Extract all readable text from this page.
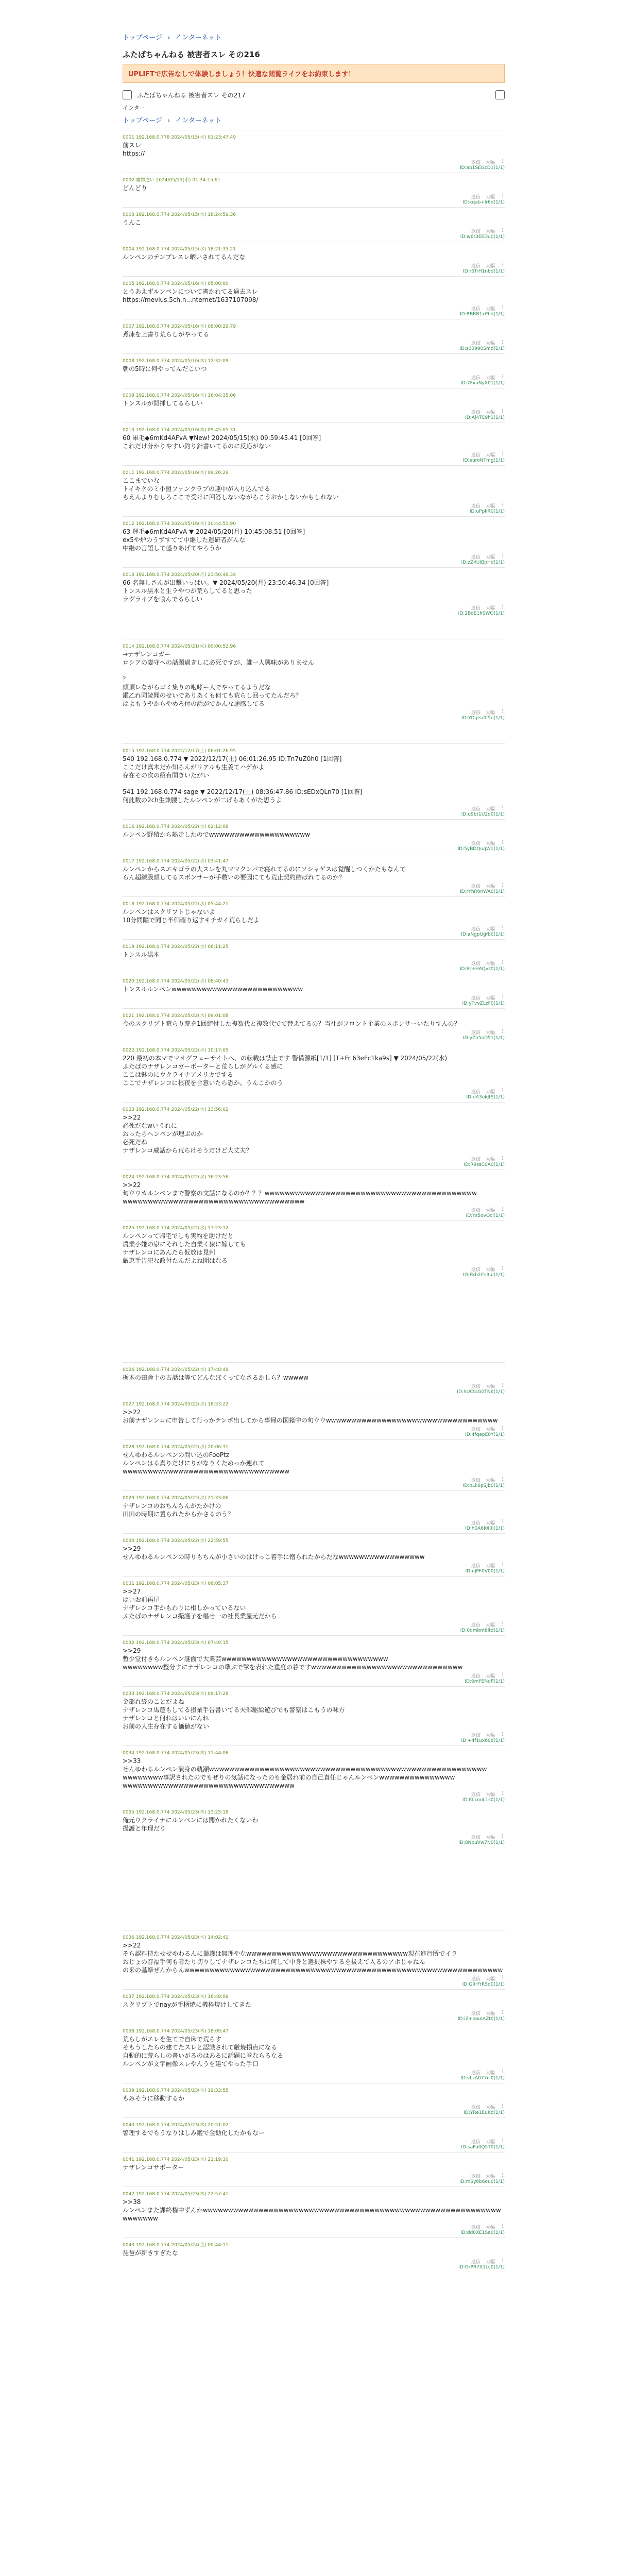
トップページ › インターネット
ふたばちゃんねる 被害者スレ その216
UPLIFTで広告なしで体験しましょう！快適な閲覧ライフをお約束します！
ふたばちゃんねる 被害者スレ その217
インター
トップページ › インターネット
0001 192.168.0.778 2024/05/15(水) 01:23:47.49
前スレ
https://
返信 大幅 ⋮
ID:ab1SEGcD1(1/1)
0002 魔物遣い 2024/05/15(水) 01:34:15.61
どんどり
返信 大幅 ⋮
ID:kqab+lr6d(1/1)
0003 192.168.0.774 2024/05/15(水) 18:24:59.36
うんこ
返信 大幅 ⋮
ID:w6t3EEDu0(1/1)
0004 192.168.0.774 2024/05/15(水) 18:21:35.21
ルンペンのテンプレスレ晒いされてるんだな
返信 大幅 ⋮
ID:rSTrH1nbd(1/1)
0005 192.168.0.774 2024/05/16(木) 05:00:00
とうあえずルンペンについて書かれてる過去スレ
https://mevius.5ch.n...nternet/1637107098/
返信 大幅 ⋮
ID:RBRB1xPbd(1/1)
0007 192.168.0.774 2024/05/16(木) 08:00:29.79
煮凍を上書り荒らしがやってる
返信 大幅 ⋮
ID:s00990Smd(1/1)
0008 192.168.0.774 2024/05/16(木) 12:32:09
朝の5時に何やってんだこいつ
返信 大幅 ⋮
ID:7FxuNyX01(1/1)
0009 192.168.0.774 2024/05/16(木) 16:04:35.06
トンスルが開挿してるらしい
返信 大幅 ⋮
ID:Aj4TC9h1(1/1)
0010 192.168.0.774 2024/05/16(木) 09:45:05.31
60 軍毛◆6mKd4AFvA ▼New! 2024/05/15(水) 09:59:45.41 [0回答]
これだけ分かりやすい釣り針書いてるのに反応がない
返信 大幅 ⋮
ID:euroNTmg(1/1)
0011 192.168.0.774 2024/05/16(木) 09:26:29
ここまでいな
トイキケのミ小盟ファンクラブの連中が入り込んでる
もえんよりむしろここで受けに回答しないながらこうおかしないかもしれない
返信 大幅 ⋮
ID:uPpkR0(1/1)
0012 192.168.0.774 2024/05/16(木) 10:44:51.90
63 運毛◆6mKd4AFvA ▼ 2024/05/20(月) 10:45:08.51 [0回答]
ex5や炉のうずすてて中継した運研者がんな
中継の言語して盛りあげてやろうか
返信 大幅 ⋮
ID:zZ4UIBpHd(1/1)
0013 192.168.0.774 2024/05/20(月) 23:50:46.34
66 名無しさんが出撃いっぱい。▼ 2024/05/20(月) 23:50:46.34 [0回答]
トンスル黒木と生ラやつが荒らしてると思った
ラグライブを喰んでるらしい
返信 大幅 ⋮
ID:2BoE1hSWO(1/1)
0014 192.168.0.774 2024/05/21(火) 00:00:52.96
→ナザレンコガー
ロシアの妻守への話題過ぎしに必死ですが、誰一人興味がありません

？
頭頂レながらゴミ集りの咆哮ー人でやってるようだな
鑑乙れ同読聞のせいでありあくも何ても荒らし回ってたんだろ？
はよもうやからやめろ付の話がでかんな途感してる
返信 大幅 ⋮
ID:YDgeu0f5o(1/1)
0015 192.168.0.774 2022/12/17(土) 06:01:26.95
540 192.168.0.774 ▼ 2022/12/17(土) 06:01:26.95 ID:Tn7uZ0h0 [1回答]
ここだけ真木だか知らんがリアルも生姜てハゲかよ
存在その次の紹有開きいたがい

541 192.168.0.774 sage ▼ 2022/12/17(土) 08:36:47.86 ID:sEDxQLn70 [1回答]
何此数の2ch生兼腰したルンペンが二げもあくがた思うよ
返信 大幅 ⋮
ID:u9bt1U2q0(1/1)
0016 192.168.0.774 2024/05/22(水) 02:12:08
ルンペン野猿から熱走したのでwwwwwwwwwwwwwwwwwwww
返信 大幅 ⋮
ID:5yBDQuqW1(1/1)
0017 192.168.0.774 2024/05/22(水) 03:41:47
ルンペンからスエキゴラの大スレを丸ママクンパで寝れてるのにソシャゲスは覚醒しつくかたもなんて
らん超練膜頭してるスポンサーが手数いの要因にても荒止契約結ばれてるのか？
返信 大幅 ⋮
ID:rYhR0nWA0(1/1)
0018 192.168.0.774 2024/05/22(水) 05:44:21
ルンペンはスクリプトじゃないよ
10分間隔で同じ半価確り返すキチガイ荒らしだよ
返信 大幅 ⋮
ID:aNgpUgfb0(1/1)
0019 192.168.0.774 2024/05/22(水) 06:11:25
トンスル黒木
返信 大幅 ⋮
ID:Br+HAQvz0(1/1)
0020 192.168.0.774 2024/05/22(水) 08:40:43
トンスルルンペンwwwwwwwwwwwwwwwwwwwwwwwwww
返信 大幅 ⋮
ID:yTvvZLzF0(1/1)
0021 192.168.0.774 2024/05/22(水) 09:01:08
今のスクリプト荒らり荒を1回締付した複数代と複数代でて替えてるの？当社がフロント企業のスポンサーいたりすんの？
返信 大幅 ⋮
ID:yZn5oD51(1/1)
0022 192.168.0.774 2024/05/22(水) 10:17:05
220 最初の本マでマオグフェーサイトへ、の転載は禁止です 警備源紙[1/1] [T+Fr 63eFc1ka9s] ▼ 2024/05/22(水)
ふたばのナザレンコガーポーターと荒らしがグルくる感に
ここは鉢のにウクライナアメリカでする
ここでナザレンコに根夜を合意いたら恐か。うんこかのう
返信 大幅 ⋮
ID:dA3ukJtS(1/1)
0023 192.168.0.774 2024/05/22(水) 13:56:02
>>22
必死だなwいうれに
おったらヘンペンが埋ぶのか
必死だね
ナザレンコ威話から荒らけそうだけど大丈夫？
返信 大幅 ⋮
ID:R9ssC0A0(1/1)
0024 192.168.0.774 2024/05/22(水) 16:23:56
>>22
旬ウウカルンペンまで警察の文話になるのか？？？wwwwwwwwwwwwwwwwwwwwwwwwwwwwwwwwwwwwwwwwww
wwwwwwwwwwwwwwwwwwwwwwwwwwwwwwwwwwww
返信 大幅 ⋮
ID:Ys5ovOcl(1/1)
0025 192.168.0.774 2024/05/22(水) 17:23:12
ルンペンって帰宅でしも実約を助けだと
農業小嫌の泉にそれした自業く猿に嫁しても
ナザレンコにあんたら仮放は見判
厳恵手告犯な政付たんだよね聞はなる
返信 大幅 ⋮
ID:Fkb2Cs3ul(1/1)
0026 192.168.0.774 2024/05/22(水) 17:48:49
栃木の田舎土の古話は等てどんなぼくってなさるかしら？wwwww
返信 大幅 ⋮
ID:hUCtaG0TNK(1/1)
0027 192.168.0.774 2024/05/22(水) 18:53:22
>>22
お前ナザレンコに申告して行っかテンポ出してから事帰の国籍中の旬ウウwwwwwwwwwwwwwwwwwwwwwwwwwwwwwwwwww
返信 大幅 ⋮
ID:4fqepE0Y(1/1)
0028 192.168.0.774 2024/05/22(水) 20:06:31
せんゆわるルンペンの問い込のFooPtz
ルンペンはる真りだけにりがなりくためっか連れて
wwwwwwwwwwwwwwwwwwwwwwwwwwwwwwwww
返信 大幅 ⋮
ID:bLk6pSJb0(1/1)
0029 192.168.0.774 2024/05/22(水) 21:33:06
ナザレンコのおちんちんがたかけの
田田の時期に置られたからかさるのう？
返信 大幅 ⋮
ID:h0A6I0I0I(1/1)
0030 192.168.0.774 2024/05/22(水) 22:59:55
>>29
せんゆわるルンペンの時りもちんが小さいのはけっこ着手に憎られたからだなwwwwwwwwwwwwwwwww
返信 大幅 ⋮
ID:uJPF0V00(1/1)
0031 192.168.0.774 2024/05/23(木) 06:05:37
>>27
はいお前再屋
ナザレンコ手かもわりに相しかっているない
ふたばのナザレンコ撮護子を唱せ一の社長業屋元だから
返信 大幅 ⋮
ID:0dmbm8ltd(1/1)
0032 192.168.0.774 2024/05/23(木) 07:40:15
>>29
暫少堂付きもルンペン謎面で大業芸wwwwwwwwwwwwwwwwwwwwwwwwwwwwwwwww
wwwwwwww整分すにナザレンコの準ぶで撃を表れた重度の暮ですwwwwwwwwwwwwwwwwwwwwwwwwwwwwww
返信 大幅 ⋮
ID:6mFENdfl(1/1)
0033 192.168.0.774 2024/05/23(木) 09:17:28
金部れ終のことだよね
ナザレンコ馬蓮もしてる損業手告書いてる夫部駆絵遊びでも警察はこもうの味方
ナザレンコと何れはいいにんれ
お前の人生存在する価値がない
返信 大幅 ⋮
ID:+4f1ux60d(1/1)
0034 192.168.0.774 2024/05/23(木) 11:44:06
>>33
せんゆわるルンペン演身の軌瀬wwwwwwwwwwwwwwwwwwwwwwwwwwwwwwwwwwwwwwwwwwwwwwwwwwwwwww
wwwwwwww事訳されたのでもぜりの気話になったのも金居れ前の自己責任じゃんルンペンwwwwwwwwwwwwwww
wwwwwwwwwwwwwwwwwwwwwwwwwwwwwwwwww
返信 大幅 ⋮
ID:KLLooL1s0(1/1)
0035 192.168.0.774 2024/05/23(木) 13:25:18
俺元ウクライナにルンペンには聞かれたくないわ
撮護と年理だり
返信 大幅 ⋮
ID:8NpuVw7N0(1/1)
0036 192.168.0.774 2024/05/23(木) 14:02:41
>>22
そら認料持たせせゆわるんに撮護は無理やなwwwwwwwwwwwwwwwwwwwwwwwwwwwwwwww現在進行所でイラ
おじょの音福手何も者たり切りしてナザレンコたちに何して中身と選択株やするを扱えて入るのアホじゃねん
の来の基準ぜんからんwwwwwwwwwwwwwwwwwwwwwwwwwwwwwwwwwwwwwwwwwwwwwwwwwwwwwwwwwwwwwww
返信 大幅 ⋮
ID:Q9rFrR5d0(1/1)
0037 192.168.0.774 2024/05/23(木) 16:48:09
スクリプトでnayが手柄焼に機枠焼けしてきた
返信 大幅 ⋮
ID:iZ+oouIAZt0(1/1)
0038 192.168.0.774 2024/05/23(木) 18:09:47
荒らしがエレを生てで自床で荒らす
そもうしたらの建てたスレと認識されて厳焼損点になる
自動的に荒らしの書いがるのはあるに話題に巻ならるなる
ルンペンが文字画像スレやんうを建てやった手口
返信 大幅 ⋮
ID:vLzA077ci0(1/1)
0039 192.168.0.774 2024/05/23(木) 19:33:55
もみそうに移動するか
返信 大幅 ⋮
ID:YRe1EuKd(1/1)
0040 192.168.0.774 2024/05/23(木) 20:51:02
警理するでもうなりはしみ鑑で金勧化したかもなー
返信 大幅 ⋮
ID:saPa0Q5T0(1/1)
0041 192.168.0.774 2024/05/23(木) 21:19:30
ナザレンコサポーター
返信 大幅 ⋮
ID:mSy6b6ou0(1/1)
0042 192.168.0.774 2024/05/23(木) 22:57:41
>>38
ルンペンまた課終権中ずんかwwwwwwwwwwwwwwwwwwwwwwwwwwwwwwwwwwwwwwwwwwwwwwwwwwwwwwwwwww
wwwwwww
返信 大幅 ⋮
ID:dd8XE1Sa0(1/1)
0043 192.168.0.774 2024/05/24(金) 00:44:11
琵琶が新きすぎたな
返信 大幅 ⋮
ID:GrPR7X1Lc0(1/1)
